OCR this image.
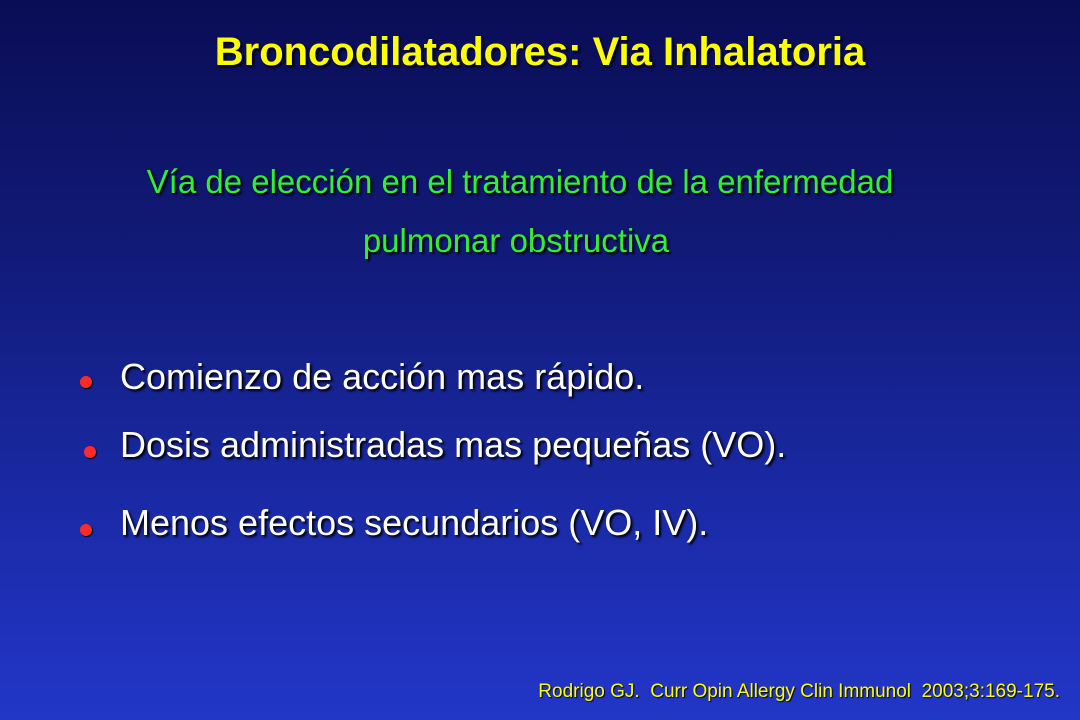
Broncodilatadores: Via Inhalatoria
Vía de elección en el tratamiento de la enfermedad
pulmonar obstructiva
Comienzo de acción mas rápido.
Dosis administradas mas pequeñas (VO).
Menos efectos secundarios (VO, IV).
Rodrigo GJ.  Curr Opin Allergy Clin Immunol  2003;3:169-175.
